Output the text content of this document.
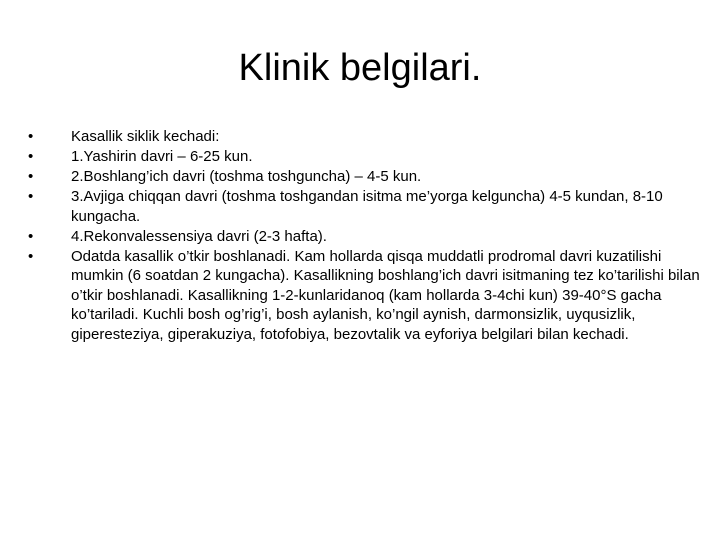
Klinik belgilari.
•	Kasallik siklik kechadi:
•	1.Yashirin davri – 6-25 kun.
•	2.Boshlang’ich davri (toshma toshguncha) – 4-5 kun.
•	3.Avjiga chiqqan davri (toshma toshgandan isitma me’yorga kelguncha) 4-5 kundan, 8-10 kungacha.
•	4.Rekonvalessensiya davri (2-3 hafta).
•	Odatda kasallik o’tkir boshlanadi. Kam hollarda qisqa muddatli prodromal davri kuzatilishi mumkin (6 soatdan 2 kungacha). Kasallikning boshlang’ich davri isitmaning tez ko’tarilishi bilan o’tkir boshlanadi. Kasallikning 1-2-kunlaridanoq (kam hollarda 3-4chi kun) 39-40°S gacha ko’tariladi. Kuchli bosh og’rig’i, bosh aylanish, ko’ngil aynish, darmonsizlik, uyqusizlik, giperesteziya, giperakuziya, fotofobiya, bezovtalik va eyforiya belgilari bilan kechadi.
